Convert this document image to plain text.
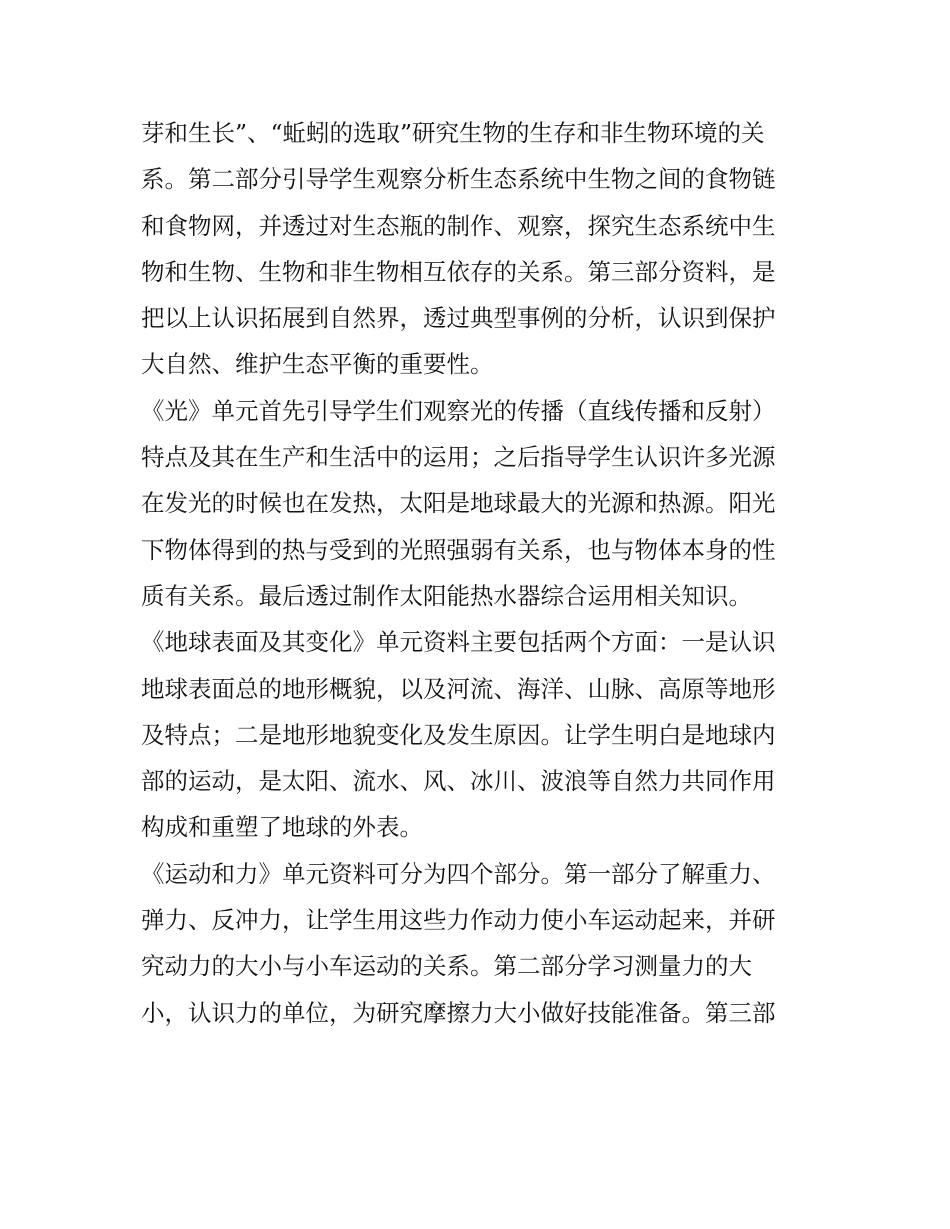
芽和生长”、“蚯蚓的选取”研究生物的生存和非生物环境的关
系。第二部分引导学生观察分析生态系统中生物之间的食物链
和食物网，并透过对生态瓶的制作、观察，探究生态系统中生
物和生物、生物和非生物相互依存的关系。第三部分资料，是
把以上认识拓展到自然界，透过典型事例的分析，认识到保护
大自然、维护生态平衡的重要性。
《光》单元首先引导学生们观察光的传播（直线传播和反射）
特点及其在生产和生活中的运用；之后指导学生认识许多光源
在发光的时候也在发热，太阳是地球最大的光源和热源。阳光
下物体得到的热与受到的光照强弱有关系，也与物体本身的性
质有关系。最后透过制作太阳能热水器综合运用相关知识。
《地球表面及其变化》单元资料主要包括两个方面：一是认识
地球表面总的地形概貌，以及河流、海洋、山脉、高原等地形
及特点；二是地形地貌变化及发生原因。让学生明白是地球内
部的运动，是太阳、流水、风、冰川、波浪等自然力共同作用
构成和重塑了地球的外表。
《运动和力》单元资料可分为四个部分。第一部分了解重力、
弹力、反冲力，让学生用这些力作动力使小车运动起来，并研
究动力的大小与小车运动的关系。第二部分学习测量力的大
小，认识力的单位，为研究摩擦力大小做好技能准备。第三部
